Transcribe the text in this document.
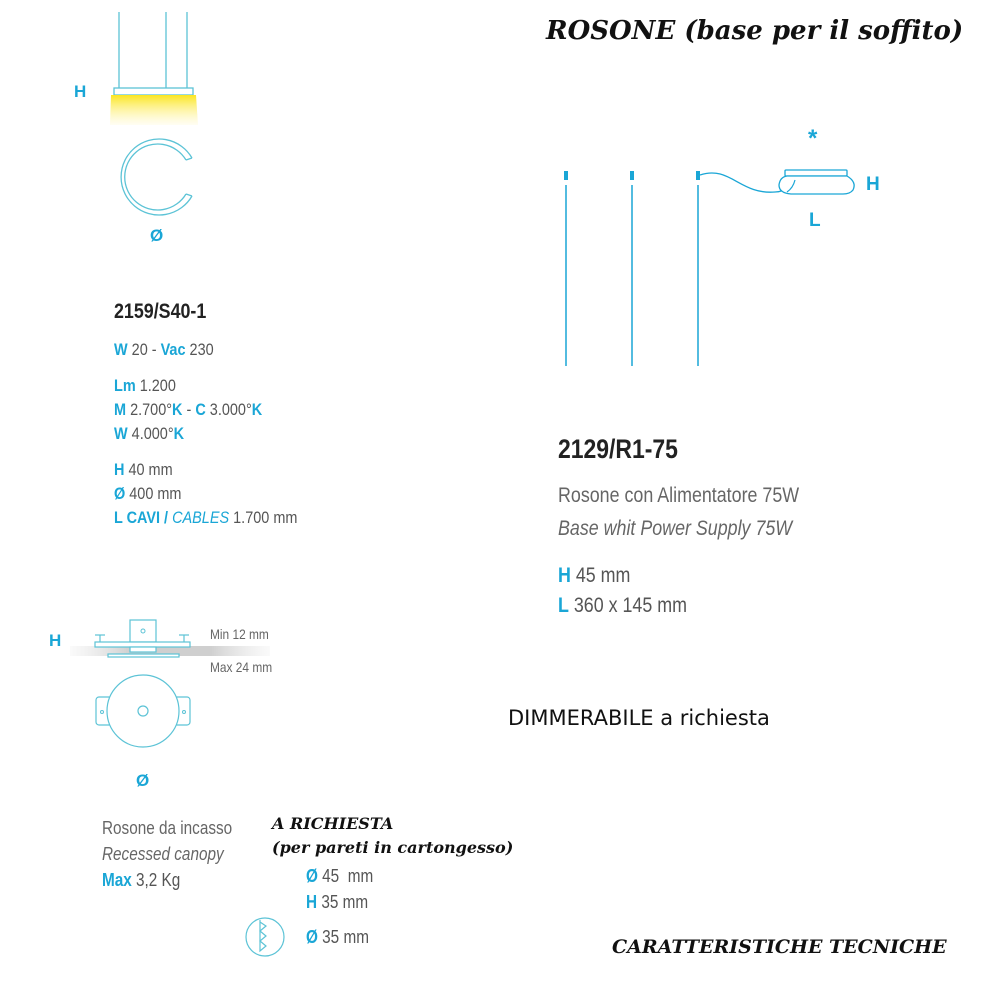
ROSONE (base per il soffito)
H
Ø
2159/S40-1
W 20 - Vac 230
Lm 1.200
M 2.700°K - C 3.000°K
W 4.000°K
H 40 mm
Ø 400 mm
L CAVI / CABLES 1.700 mm
*
H
L
2129/R1-75
Rosone con Alimentatore 75W
Base whit Power Supply 75W
H 45 mm
L 360 x 145 mm
H	Min 12 mm
Max 24 mm
Ø
Rosone da incasso
Recessed canopy
Max 3,2 Kg
DIMMERABILE a richiesta
A RICHIESTA
(per pareti in cartongesso)
Ø 45  mm
H 35 mm
Ø 35 mm	CARATTERISTICHE TECNICHE
